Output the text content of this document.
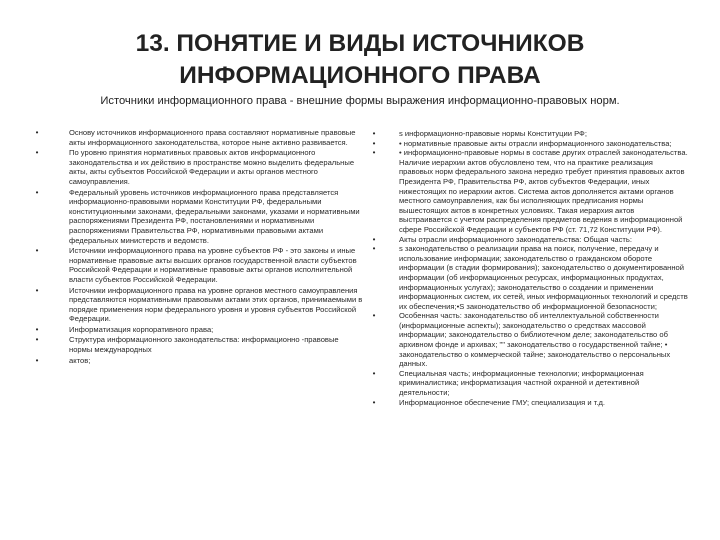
13. ПОНЯТИЕ И ВИДЫ ИСТОЧНИКОВ
ИНФОРМАЦИОННОГО ПРАВА
Источники информационного права - внешние формы выражения информационно-правовых норм.
•	Основу источников информационного права составляют нормативные правовые акты информационного законодательства, которое ныне активно развивается.
•	По уровню принятия нормативных правовых актов информационного законодательства и их действию в пространстве можно выделить федеральные акты, акты субъектов Российской Федерации и акты органов местного самоуправления.
•	Федеральный уровень источников информационного права представляется информационно-правовыми нормами Конституции РФ, федеральными конституционными законами, федеральными законами, указами и нормативными распоряжениями Президента РФ, постановлениями и нормативными распоряжениями Правительства РФ, нормативными правовыми актами федеральных министерств и ведомств.
•	Источники информационного права на уровне субъектов РФ - это законы и иные нормативные правовые акты высших органов государственной власти субъектов Российской Федерации и нормативные правовые акты органов исполнительной власти субъектов Российской Федерации.
•	Источники информационного права на уровне органов местного самоуправления представляются нормативными правовыми актами этих органов, принимаемыми в порядке применения норм федерального уровня и уровня субъектов Российской Федерации.
•	Информатизация корпоративного права;
•	Структура информационного законодательства: информационно -правовые нормы международных
•	актов;
•	s информационно-правовые нормы Конституции РФ;
•	• нормативные правовые акты отрасли информационного законодательства;
•	• информационно-правовые нормы в составе других отраслей законодательства. Наличие иерархии актов обусловлено тем, что на практике реализация правовых норм федерального закона нередко требует принятия правовых актов Президента РФ, Правительства РФ, актов субъектов Федерации, иных нижестоящих по иерархии актов. Система актов дополняется актами органов местного самоуправления, как бы исполняющих предписания нормы вышестоящих актов в конкретных условиях. Такая иерархия актов выстраивается с учетом распределения предметов ведения в информационной сфере Российской Федерации и субъектов РФ (ст. 71,72 Конституции РФ).
•	Акты отрасли информационного законодательства: Общая часть:
•	s законодательство о реализации права на поиск, получение, передачу и использование информации; законодательство о гражданском обороте информации (в стадии формирования); законодательство о документированной информации (об информационных ресурсах, информационных продуктах, информационных услугах); законодательство о создании и применении информационных систем, их сетей, иных информационных технологий и средств их обеспечения;•S законодательство об информационной безопасности;
•	Особенная часть: законодательство об интеллектуальной собственности (информационные аспекты); законодательство о средствах массовой информации; законодательство о библиотечном деле; законодательство об архивном фонде и архивах; "" законодательство о государственной тайне; • законодательство о коммерческой тайне; законодательство о персональных данных.
•	Специальная часть; информационные технологии; информационная криминалистика; информатизация частной охранной и детективной деятельности;
•	Информационное обеспечение ГМУ; специализация и т.д.
